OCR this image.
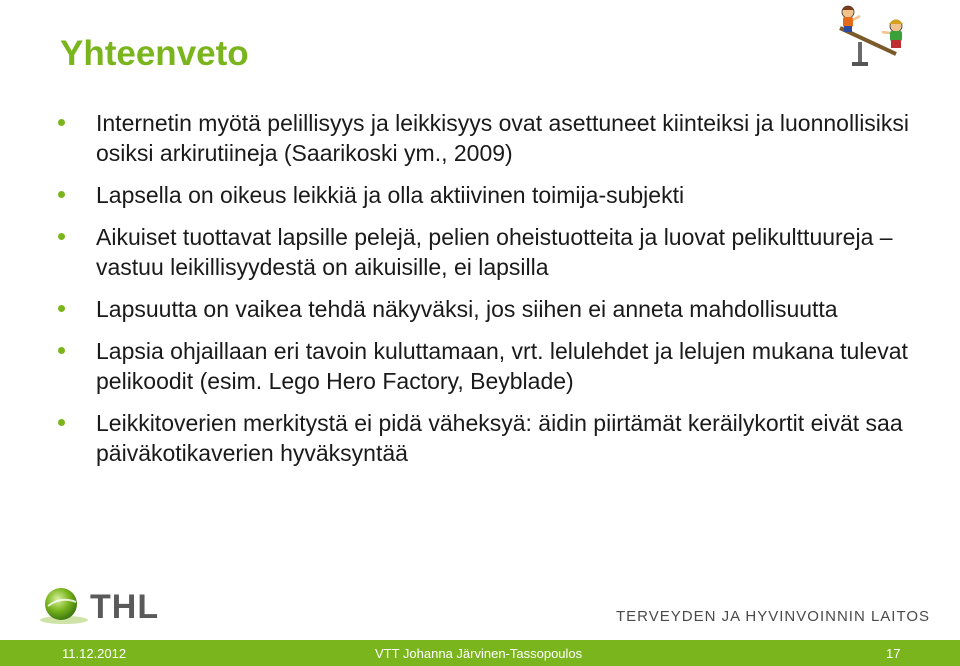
Yhteenveto
Internetin myötä pelillisyys ja leikkisyys ovat asettuneet kiinteiksi ja luonnollisiksi osiksi arkirutiineja (Saarikoski ym., 2009)
Lapsella on oikeus leikkiä ja olla aktiivinen toimija-subjekti
Aikuiset tuottavat lapsille pelejä, pelien oheistuotteita ja luovat pelikulttuureja – vastuu leikillisyydestä on aikuisille, ei lapsilla
Lapsuutta on vaikea tehdä näkyväksi, jos siihen ei anneta mahdollisuutta
Lapsia ohjaillaan eri tavoin kuluttamaan, vrt. lelulehdet ja lelujen mukana tulevat pelikoodit (esim. Lego Hero Factory, Beyblade)
Leikkitoverien merkitystä ei pidä väheksyä: äidin piirtämät keräilykortit eivät saa päiväkotikaverien hyväksyntää
THL	TERVEYDEN JA HYVINVOINNIN LAITOS
11.12.2012	VTT Johanna Järvinen-Tassopoulos	17
